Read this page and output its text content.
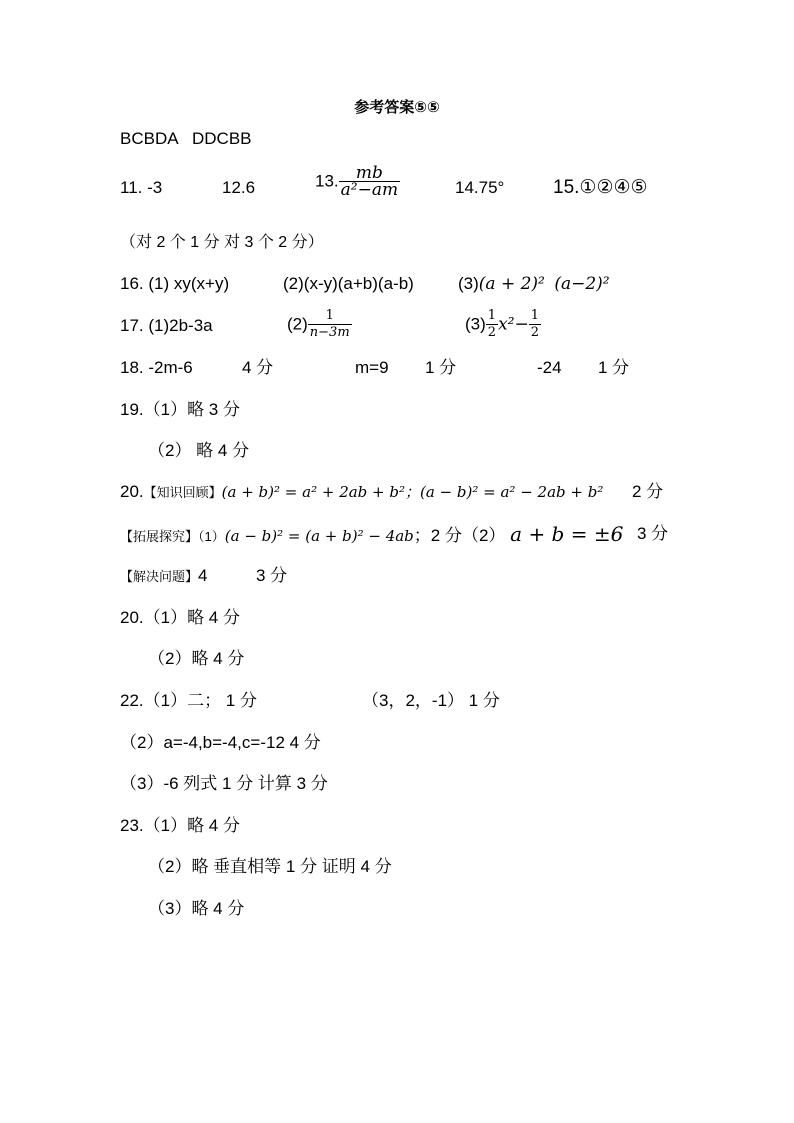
参考答案⑤⑤
BCBDA DDCBB
11. -3	12.6	13. $\frac{mb}{\text{a²−am}}$	14.75°	15.①②④⑤
（对 2 个 1 分 对 3 个 2 分）
16. (1) xy(x+y)	(2)(x-y)(a+b)(a-b)	(3)(a + 2)² (a−2)²
17. (1)2b-3a	$(2) \frac{1}{n-3m}$	$(3) \frac{1}{2} x^2- \frac{1}{2}$
18. -2m-6	4 分	m=9 1 分	-24 1 分
19.（1）略 3 分
（2） 略 4 分
20.【知识回顾】(a + b)² = a² + 2ab + b²；(a − b)² = a² − 2ab + b² 2 分
【拓展探究】（1）(a − b)² = (a + b)² − 4ab；2 分（2） a + b = ±6 3 分
【解决问题】4	3 分
20.（1）略 4 分
（2）略 4 分
22.（1）二； 1 分	（3，2，-1） 1 分
（2）a=-4,b=-4,c=-12 4 分
（3）-6 列式 1 分 计算 3 分
23.（1）略 4 分
（2）略 垂直相等 1 分 证明 4 分
（3）略 4 分
